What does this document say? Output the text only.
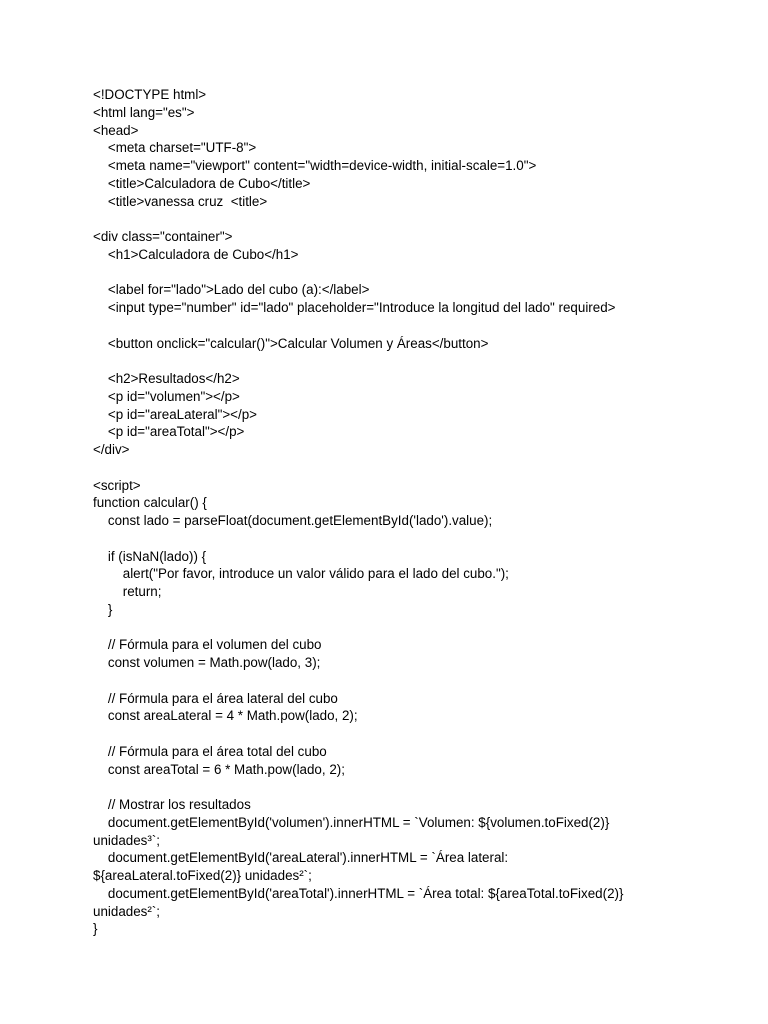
<!DOCTYPE html>
<html lang="es">
<head>
<meta charset="UTF-8">
<meta name="viewport" content="width=device-width, initial-scale=1.0">
<title>Calculadora de Cubo</title>
<title>vanessa cruz  <title>
<div class="container">
<h1>Calculadora de Cubo</h1>
<label for="lado">Lado del cubo (a):</label>
<input type="number" id="lado" placeholder="Introduce la longitud del lado" required>
<button onclick="calcular()">Calcular Volumen y Áreas</button>
<h2>Resultados</h2>
<p id="volumen"></p>
<p id="areaLateral"></p>
<p id="areaTotal"></p>
</div>
<script>
function calcular() {
const lado = parseFloat(document.getElementById('lado').value);
if (isNaN(lado)) {
alert("Por favor, introduce un valor válido para el lado del cubo.");
return;
}
// Fórmula para el volumen del cubo
const volumen = Math.pow(lado, 3);
// Fórmula para el área lateral del cubo
const areaLateral = 4 * Math.pow(lado, 2);
// Fórmula para el área total del cubo
const areaTotal = 6 * Math.pow(lado, 2);
// Mostrar los resultados
document.getElementById('volumen').innerHTML = `Volumen: ${volumen.toFixed(2)}
unidades³`;
document.getElementById('areaLateral').innerHTML = `Área lateral:
${areaLateral.toFixed(2)} unidades²`;
document.getElementById('areaTotal').innerHTML = `Área total: ${areaTotal.toFixed(2)}
unidades²`;
}
